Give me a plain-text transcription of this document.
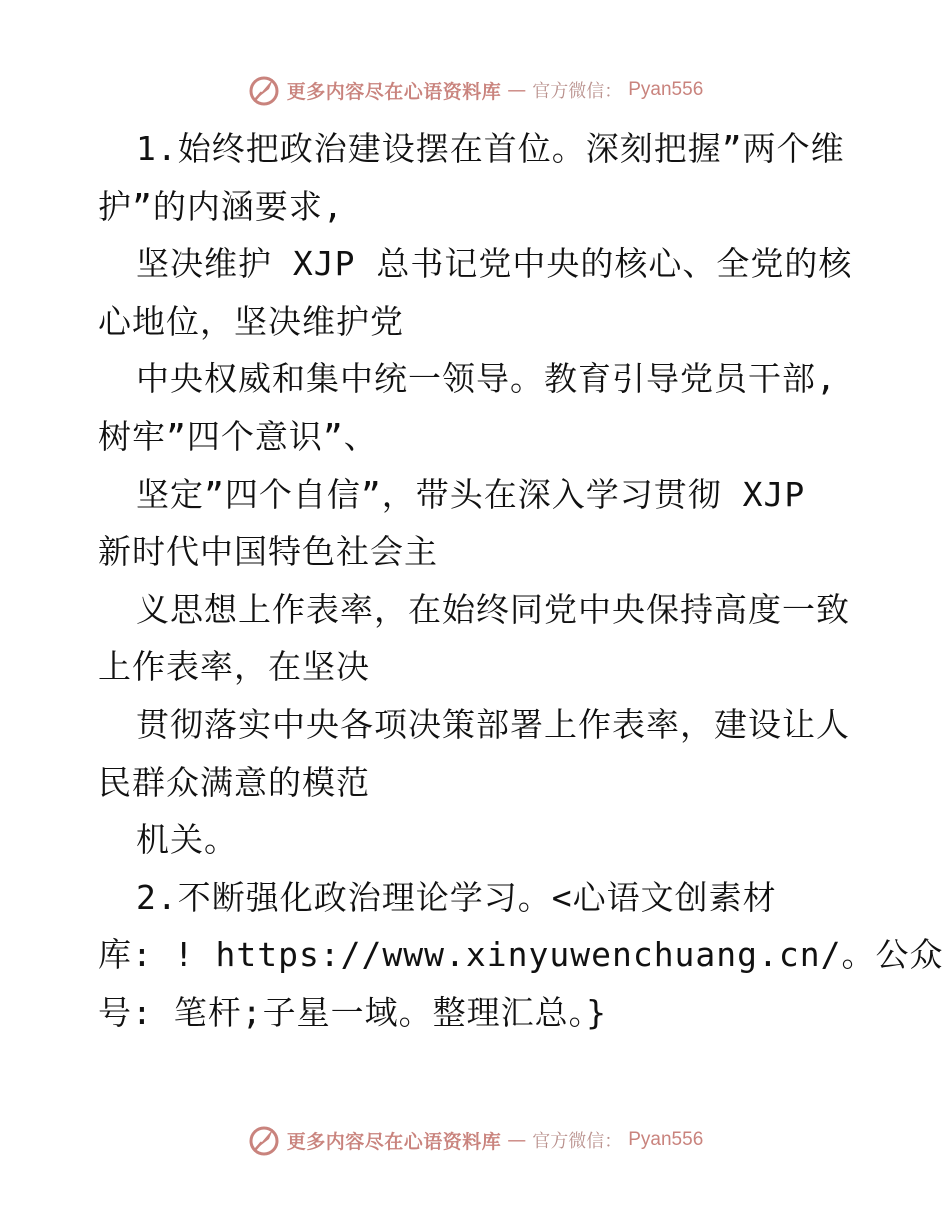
更多内容尽在心语资料库 — 官方微信： Pyan556
1.始终把政治建设摆在首位。深刻把握”两个维
护”的内涵要求,
坚决维护 XJP 总书记党中央的核心、全党的核
心地位，坚决维护党
中央权威和集中统一领导。教育引导党员干部,
树牢”四个意识”、
坚定”四个自信”，带头在深入学习贯彻 XJP
新时代中国特色社会主
义思想上作表率，在始终同党中央保持高度一致
上作表率，在坚决
贯彻落实中央各项决策部署上作表率，建设让人
民群众满意的模范
机关。
2.不断强化政治理论学习。<心语文创素材
库: ! https://www.xinyuwenchuang.cn/。公众
号: 笔杆;子星一域。整理汇总。}
更多内容尽在心语资料库 — 官方微信： Pyan556
